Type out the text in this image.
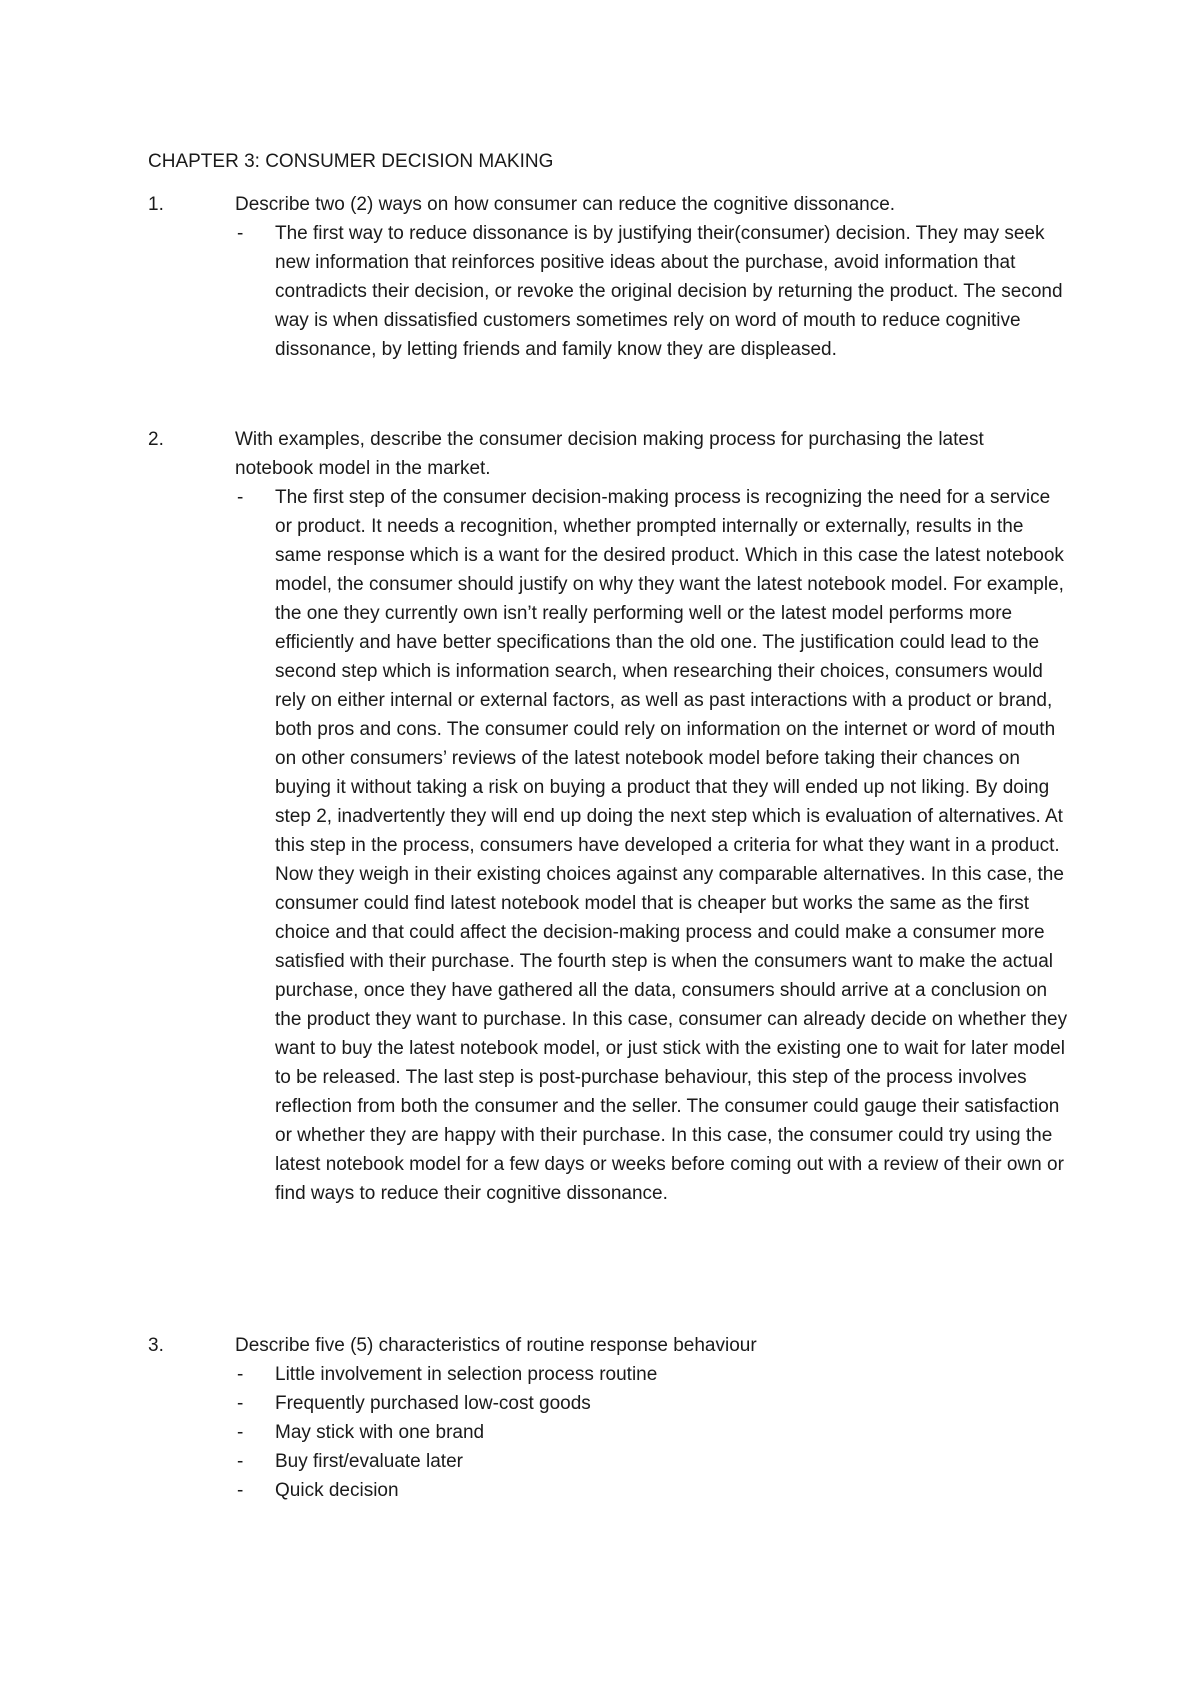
CHAPTER 3: CONSUMER DECISION MAKING
1.	Describe two (2) ways on how consumer can reduce the cognitive dissonance.
-	The first way to reduce dissonance is by justifying their(consumer) decision. They may seek new information that reinforces positive ideas about the purchase, avoid information that contradicts their decision, or revoke the original decision by returning the product. The second way is when dissatisfied customers sometimes rely on word of mouth to reduce cognitive dissonance, by letting friends and family know they are displeased.
2.	With examples, describe the consumer decision making process for purchasing the latest notebook model in the market.
-	The first step of the consumer decision-making process is recognizing the need for a service or product. It needs a recognition, whether prompted internally or externally, results in the same response which is a want for the desired product. Which in this case the latest notebook model, the consumer should justify on why they want the latest notebook model. For example, the one they currently own isn’t really performing well or the latest model performs more efficiently and have better specifications than the old one. The justification could lead to the second step which is information search, when researching their choices, consumers would rely on either internal or external factors, as well as past interactions with a product or brand, both pros and cons. The consumer could rely on information on the internet or word of mouth on other consumers’ reviews of the latest notebook model before taking their chances on buying it without taking a risk on buying a product that they will ended up not liking. By doing step 2, inadvertently they will end up doing the next step which is evaluation of alternatives. At this step in the process, consumers have developed a criteria for what they want in a product. Now they weigh in their existing choices against any comparable alternatives. In this case, the consumer could find latest notebook model that is cheaper but works the same as the first choice and that could affect the decision-making process and could make a consumer more satisfied with their purchase. The fourth step is when the consumers want to make the actual purchase, once they have gathered all the data, consumers should arrive at a conclusion on the product they want to purchase. In this case, consumer can already decide on whether they want to buy the latest notebook model, or just stick with the existing one to wait for later model to be released. The last step is post-purchase behaviour, this step of the process involves reflection from both the consumer and the seller. The consumer could gauge their satisfaction or whether they are happy with their purchase. In this case, the consumer could try using the latest notebook model for a few days or weeks before coming out with a review of their own or find ways to reduce their cognitive dissonance.
3.	Describe five (5) characteristics of routine response behaviour
-	Little involvement in selection process routine
-	Frequently purchased low-cost goods
-	May stick with one brand
-	Buy first/evaluate later
-	Quick decision
